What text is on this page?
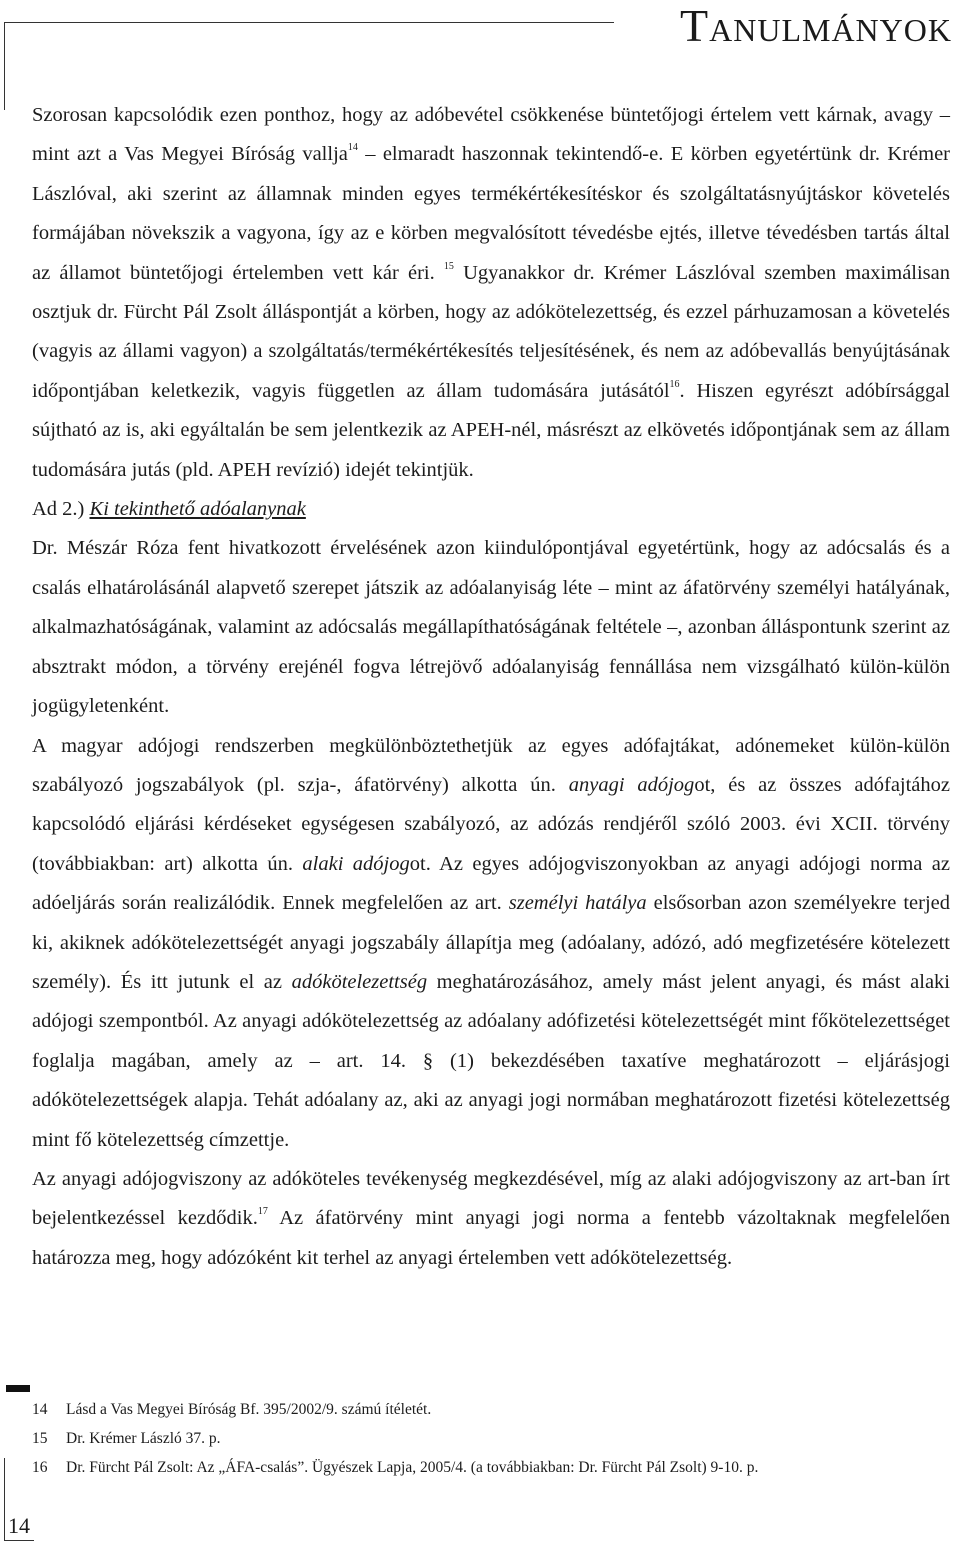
Tanulmányok

Szorosan kapcsolódik ezen ponthoz, hogy az adóbevétel csökkenése büntetőjogi értelem vett kárnak, avagy – mint azt a Vas Megyei Bíróság vallja$^{14}$ – elmaradt haszonnak tekintendő-e. E körben egyetértünk dr. Krémer Lászlóval, aki szerint az államnak minden egyes termékértékesítéskor és szolgáltatásnyújtáskor követelés formájában növekszik a vagyona, így az e körben megvalósított tévedésbe ejtés, illetve tévedésben tartás által az államot büntetőjogi értelemben vett kár éri. $^{15}$ Ugyanakkor dr. Krémer Lászlóval szemben maximálisan osztjuk dr. Fürcht Pál Zsolt álláspontját a körben, hogy az adókötelezettség, és ezzel párhuzamosan a követelés (vagyis az állami vagyon) a szolgáltatás/termékértékesítés teljesítésének, és nem az adóbevallás benyújtásának időpontjában keletkezik, vagyis független az állam tudomására jutásától$^{16}$. Hiszen egyrészt adóbírsággal sújtható az is, aki egyáltalán be sem jelentkezik az APEH-nél, másrészt az elkövetés időpontjának sem az állam tudomására jutás (pld. APEH revízió) idejét tekintjük.

Ad 2.) Ki tekinthető adóalanynak

Dr. Mészár Róza fent hivatkozott érvelésének azon kiindulópontjával egyetértünk, hogy az adócsalás és a csalás elhatárolásánál alapvető szerepet játszik az adóalanyiság léte – mint az áfatörvény személyi hatályának, alkalmazhatóságának, valamint az adócsalás megállapíthatóságának feltétele –, azonban álláspontunk szerint az absztrakt módon, a törvény erejénél fogva létrejövő adóalanyiság fennállása nem vizsgálható külön-külön jogügyletenként.

A magyar adójogi rendszerben megkülönböztethetjük az egyes adófajtákat, adónemeket külön-külön szabályozó jogszabályok (pl. szja-, áfatörvény) alkotta ún. anyagi adójogot, és az összes adófajtához kapcsolódó eljárási kérdéseket egységesen szabályozó, az adózás rendjéről szóló 2003. évi XCII. törvény (továbbiakban: art) alkotta ún. alaki adójogot. Az egyes adójogviszonyokban az anyagi adójogi norma az adóeljárás során realizálódik. Ennek megfelelően az art. személyi hatálya elsősorban azon személyekre terjed ki, akiknek adókötelezettségét anyagi jogszabály állapítja meg (adóalany, adózó, adó megfizetésére kötelezett személy). És itt jutunk el az adókötelezettség meghatározásához, amely mást jelent anyagi, és mást alaki adójogi szempontból. Az anyagi adókötelezettség az adóalany adófizetési kötelezettségét mint főkötelezettséget foglalja magában, amely az – art. 14. § (1) bekezdésében taxatíve meghatározott – eljárásjogi adókötelezettségek alapja. Tehát adóalany az, aki az anyagi jogi normában meghatározott fizetési kötelezettség mint fő kötelezettség címzettje.

Az anyagi adójogviszony az adóköteles tevékenység megkezdésével, míg az alaki adójogviszony az art-ban írt bejelentkezéssel kezdődik.$^{17}$ Az áfatörvény mint anyagi jogi norma a fentebb vázoltaknak megfelelően határozza meg, hogy adózóként kit terhel az anyagi értelemben vett adókötelezettség.

14	Lásd a Vas Megyei Bíróság Bf. 395/2002/9. számú ítéletét.
15	Dr. Krémer László 37. p.
16	Dr. Fürcht Pál Zsolt: Az „ÁFA-csalás”. Ügyészek Lapja, 2005/4. (a továbbiakban: Dr. Fürcht Pál Zsolt) 9-10. p.
14
